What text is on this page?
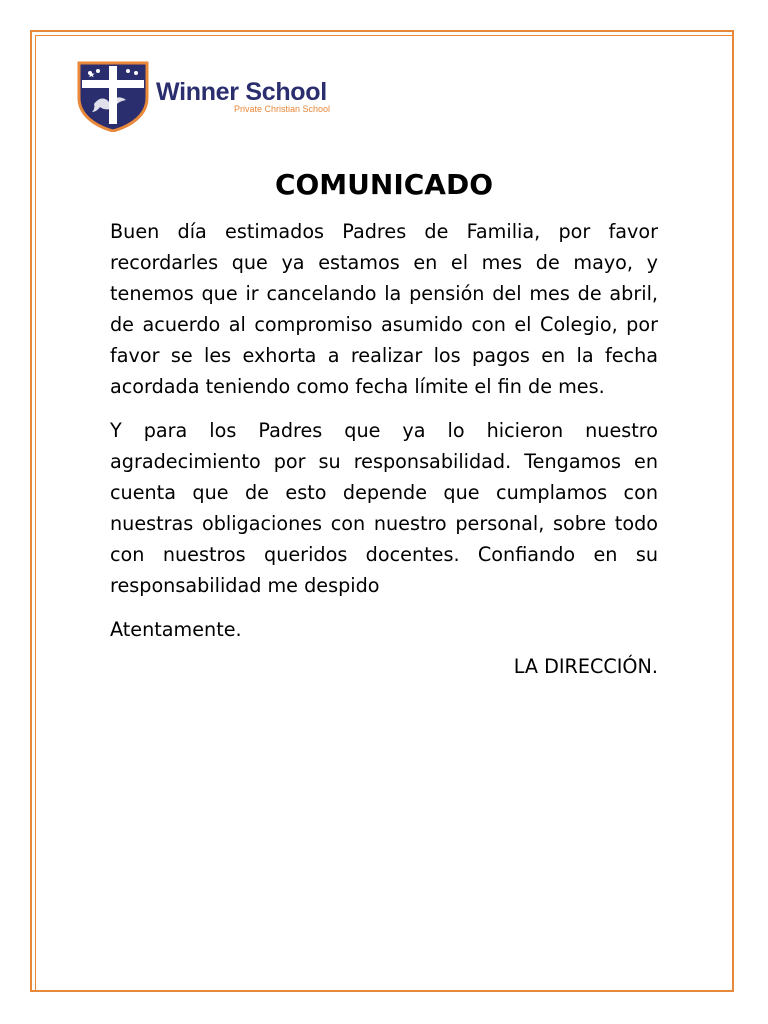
Winner School
Private Christian School
COMUNICADO

Buen día estimados Padres de Familia, por favor recordarles que ya estamos en el mes de mayo, y tenemos que ir cancelando la pensión del mes de abril, de acuerdo al compromiso asumido con el Colegio, por favor se les exhorta a realizar los pagos en la fecha acordada teniendo como fecha límite el fin de mes.

Y para los Padres que ya lo hicieron nuestro agradecimiento por su responsabilidad. Tengamos en cuenta que de esto depende que cumplamos con nuestras obligaciones con nuestro personal, sobre todo con nuestros queridos docentes. Confiando en su responsabilidad me despido

Atentamente.

LA DIRECCIÓN.
